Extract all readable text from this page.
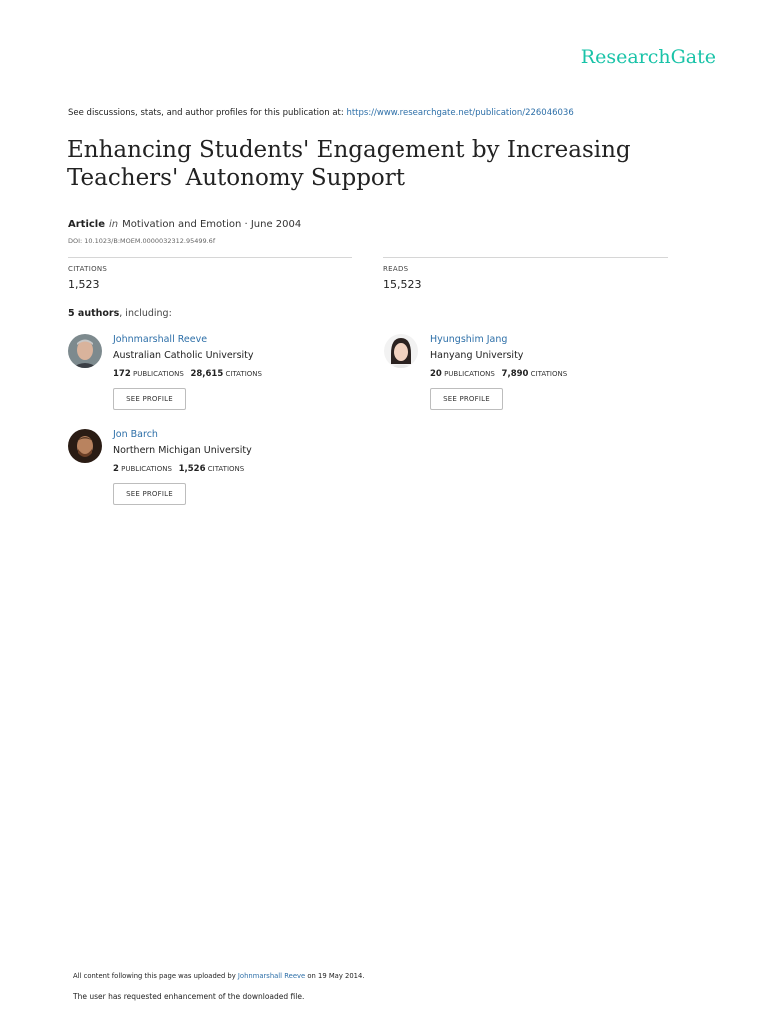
ResearchGate
See discussions, stats, and author profiles for this publication at: https://www.researchgate.net/publication/226046036
Enhancing Students' Engagement by Increasing
Teachers' Autonomy Support
Article in Motivation and Emotion · June 2004
DOI: 10.1023/B:MOEM.0000032312.95499.6f
CITATIONS
1,523
READS
15,523
5 authors, including:
Johnmarshall Reeve
Australian Catholic University
172 PUBLICATIONS 28,615 CITATIONS
SEE PROFILE
Hyungshim Jang
Hanyang University
20 PUBLICATIONS 7,890 CITATIONS
SEE PROFILE
Jon Barch
Northern Michigan University
2 PUBLICATIONS 1,526 CITATIONS
SEE PROFILE
All content following this page was uploaded by Johnmarshall Reeve on 19 May 2014.
The user has requested enhancement of the downloaded file.
